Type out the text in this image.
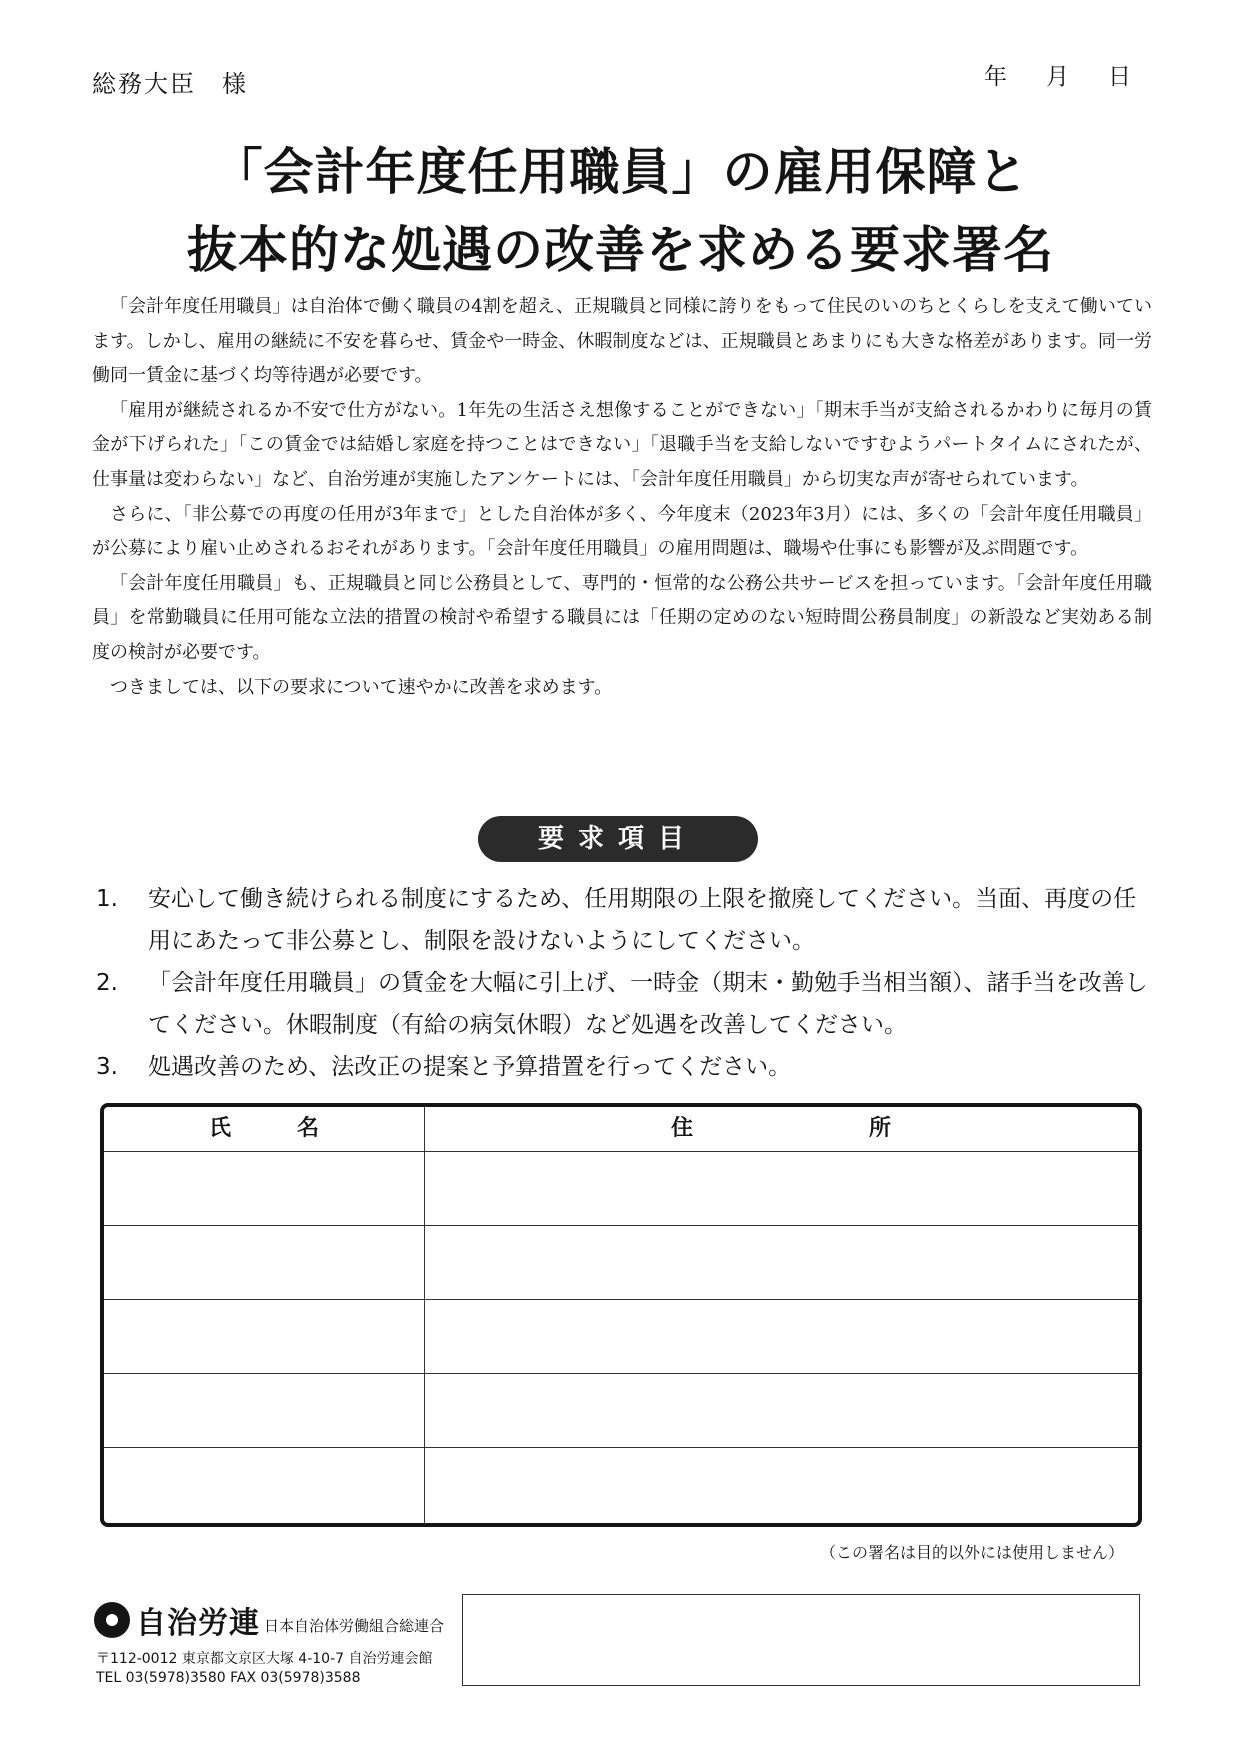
総務大臣　様	年 月 日
「会計年度任用職員」の雇用保障と
抜本的な処遇の改善を求める要求署名

「会計年度任用職員」は自治体で働く職員の4割を超え、正規職員と同様に誇りをもって住民のいのちとくらしを支えて働いています。しかし、雇用の継続に不安を暮らせ、賃金や一時金、休暇制度などは、正規職員とあまりにも大きな格差があります。同一労働同一賃金に基づく均等待遇が必要です。

「雇用が継続されるか不安で仕方がない。1年先の生活さえ想像することができない」「期末手当が支給されるかわりに毎月の賃金が下げられた」「この賃金では結婚し家庭を持つことはできない」「退職手当を支給しないですむようパートタイムにされたが、仕事量は変わらない」など、自治労連が実施したアンケートには、「会計年度任用職員」から切実な声が寄せられています。

さらに、「非公募での再度の任用が3年まで」とした自治体が多く、今年度末（2023年3月）には、多くの「会計年度任用職員」が公募により雇い止めされるおそれがあります。「会計年度任用職員」の雇用問題は、職場や仕事にも影響が及ぶ問題です。

「会計年度任用職員」も、正規職員と同じ公務員として、専門的・恒常的な公務公共サービスを担っています。「会計年度任用職員」を常勤職員に任用可能な立法的措置の検討や希望する職員には「任期の定めのない短時間公務員制度」の新設など実効ある制度の検討が必要です。

つきましては、以下の要求について速やかに改善を求めます。

要求項目
1.	安心して働き続けられる制度にするため、任用期限の上限を撤廃してください。当面、再度の任用にあたって非公募とし、制限を設けないようにしてください。
2.	「会計年度任用職員」の賃金を大幅に引上げ、一時金（期末・勤勉手当相当額）、諸手当を改善してください。休暇制度（有給の病気休暇）など処遇を改善してください。
3.	処遇改善のため、法改正の提案と予算措置を行ってください。
氏　　　名	住　　　　　　　　所
（この署名は目的以外には使用しません）
自治労連 日本自治体労働組合総連合
〒112-0012 東京都文京区大塚 4-10-7 自治労連会館
TEL 03(5978)3580 FAX 03(5978)3588
